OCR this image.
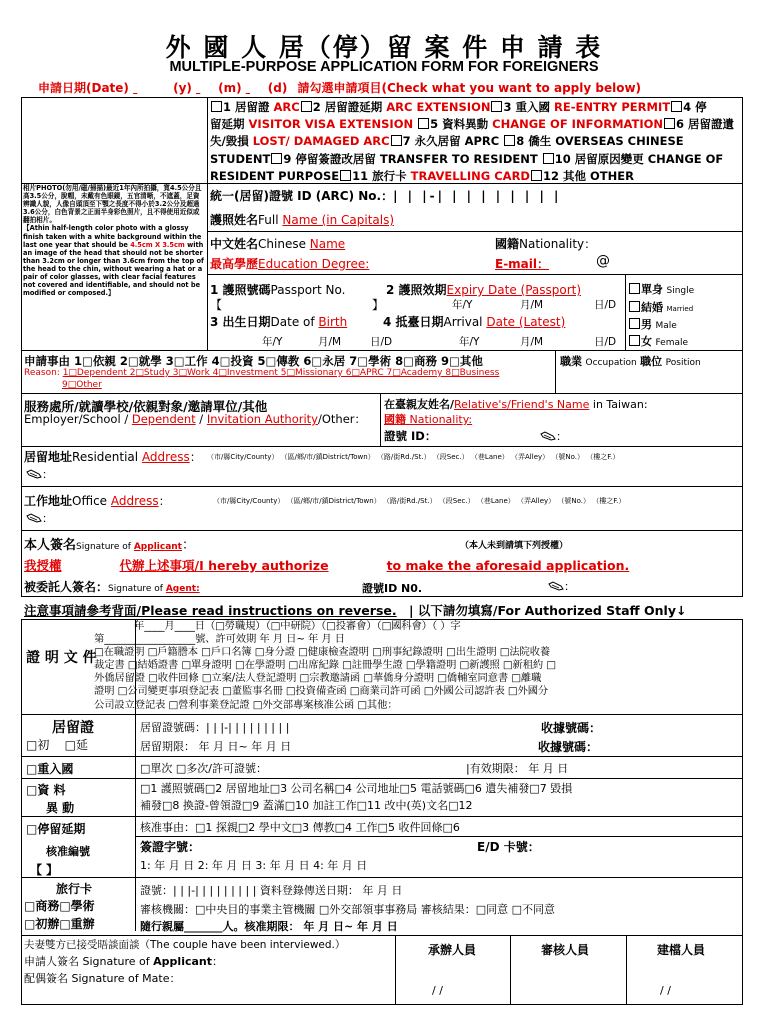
外 國 人 居（停）留 案 件 申 請 表
MULTIPLE-PURPOSE APPLICATION FORM FOR FOREIGNERS
申請日期(Date)	(y) (m) (d) 請勾選申請項目(Check what you want to apply below)
1 居留證 ARC 2 居留證延期 ARC EXTENSION 3 重入國 RE-ENTRY PERMIT 4 停
留延期 VISITOR VISA EXTENSION 5 資料異動 CHANGE OF INFORMATION 6 居留證遺
失/毀損 LOST/ DAMAGED ARC 7 永久居留 APRC 8 僑生 OVERSEAS CHINESE
STUDENT 9 停留簽證改居留 TRANSFER TO RESIDENT 10 居留原因變更 CHANGE OF
RESIDENT PURPOSE 11 旅行卡 TRAVELLING CARD 12 其他 OTHER
相片PHOTO(勿用/磁/掃描)最近1年內所拍攝，寬4.5公分且高3.5公分，脫帽，未戴有色眼鏡，五官清晰，不遮蓋，足資辨識人貌，人像自頭頂至下顎之長度不得小於3.2公分及超過3.6公分，白色背景之正面半身彩色照片，且不得使用近似或翻拍相片。
【Athin half-length color photo with a glossy finish taken with a white background within the last one year that should be 4.5cm X 3.5cm with an image of the head that should not be shorter than 3.2cm or longer than 3.6cm from the top of the head to the chin, without wearing a hat or a pair of color glasses, with clear facial features not covered and identifiable, and should not be modified or composed.】
統一(居留)證號 ID (ARC) No.：| | |-| | | | | | | | |
護照姓名Full Name (in Capitals)
中文姓名Chinese Name	國籍Nationality：
最高學歷Education Degree:	E-mail：	@
1 護照號碼Passport No.	2 護照效期Expiry Date (Passport)
【	】	年/Y	月/M	日/D
3 出生日期Date of Birth	4 抵臺日期Arrival Date (Latest)
年/Y	月/M	日/D	年/Y	月/M	日/D
單身 Single
結婚 Married
男 Male
女 Female
申請事由 1□依親 2□就學 3□工作 4□投資 5□傳教 6□永居 7□學術 8□商務 9□其他
Reason: 1□Dependent 2□Study 3□Work 4□Investment 5□Missionary 6□APRC 7□Academy 8□Business
9□Other
職業 Occupation 職位 Position
服務處所/就讀學校/依親對象/邀請單位/其他
Employer/School / Dependent / Invitation Authority/Other：
在臺親友姓名/Relative's/Friend's Name in Taiwan:
國籍 Nationality:
證號 ID：	：
居留地址Residential Address： （市/縣City/County） （區/鄉/市/鎮District/Town） （路/街Rd./St.） （段Sec.） （巷Lane） （弄Alley） （號No.） （樓之F.）
：
工作地址Office Address：	（市/縣City/County） （區/鄉/市/鎮District/Town） （路/街Rd./St.） （段Sec.） （巷Lane） （弄Alley） （號No.） （樓之F.）
：
本人簽名Signature of Applicant：	（本人未到請填下列授權）
我授權	代辦上述事項/I hereby authorize	to make the aforesaid application.
被委託人簽名：Signature of Agent:	證號ID N0.	：
注意事項請參考背面/Please read instructions on reverse. | 以下請勿填寫/For Authorized Staff Only↓
證 明 文 件
年____月____日（□勞職規）（□中研院）（□投審會）（□國科會）（ ）字
第__________________號、許可效期 年 月 日~ 年 月 日
□在職證明 □戶籍謄本 □戶口名簿 □身分證 □健康檢查證明 □刑事紀錄證明 □出生證明 □法院收養
裁定書 □結婚證書 □單身證明 □在學證明 □出席紀錄 □註冊學生證 □學籍證明 □新護照 □新租約 □
外僑居留證 □收件回條 □立案/法人登記證明 □宗教邀請函 □華僑身分證明 □僑輔室同意書 □離職
證明 □公司變更事項登記表 □董監事名冊 □投資備查函 □商業司許可函 □外國公司認許表 □外國分
公司設立登記表 □營利事業登記證 □外交部專案核准公函 □其他：
居留證
□初 □延
居留證號碼：| | |-| | | | | | | | |	收據號碼：
居留期限： 年 月 日~ 年 月 日	收據號碼：
□重入國	□單次 □多次/許可證號：	|有效期限： 年 月 日
□資 料
異 動
□1 護照號碼□2 居留地址□3 公司名稱□4 公司地址□5 電話號碼□6 遺失補發□7 毀損
補發□8 換證-曾領證□9 蓋滿□10 加註工作□11 改中(英)文名□12
□停留延期	核准事由：□1 探親□2 學中文□3 傳教□4 工作□5 收件回條□6
核准編號
【 】
簽證字號：	E/D 卡號：
1: 年 月 日 2: 年 月 日 3: 年 月 日 4: 年 月 日
旅行卡
□商務□學術
□初辦□重辦
證號：| | |-| | | | | | | | | 資料登錄傳送日期： 年 月 日
審核機關：□中央目的事業主管機關 □外交部領事事務局 審核結果：□同意 □不同意
隨行親屬_______人。核准期限： 年 月 日~ 年 月 日
夫妻雙方已接受晤談面談（The couple have been interviewed.）
申請人簽名 Signature of Applicant：
配偶簽名 Signature of Mate：
承辦人員	審核人員	建檔人員
/ /	/ /
